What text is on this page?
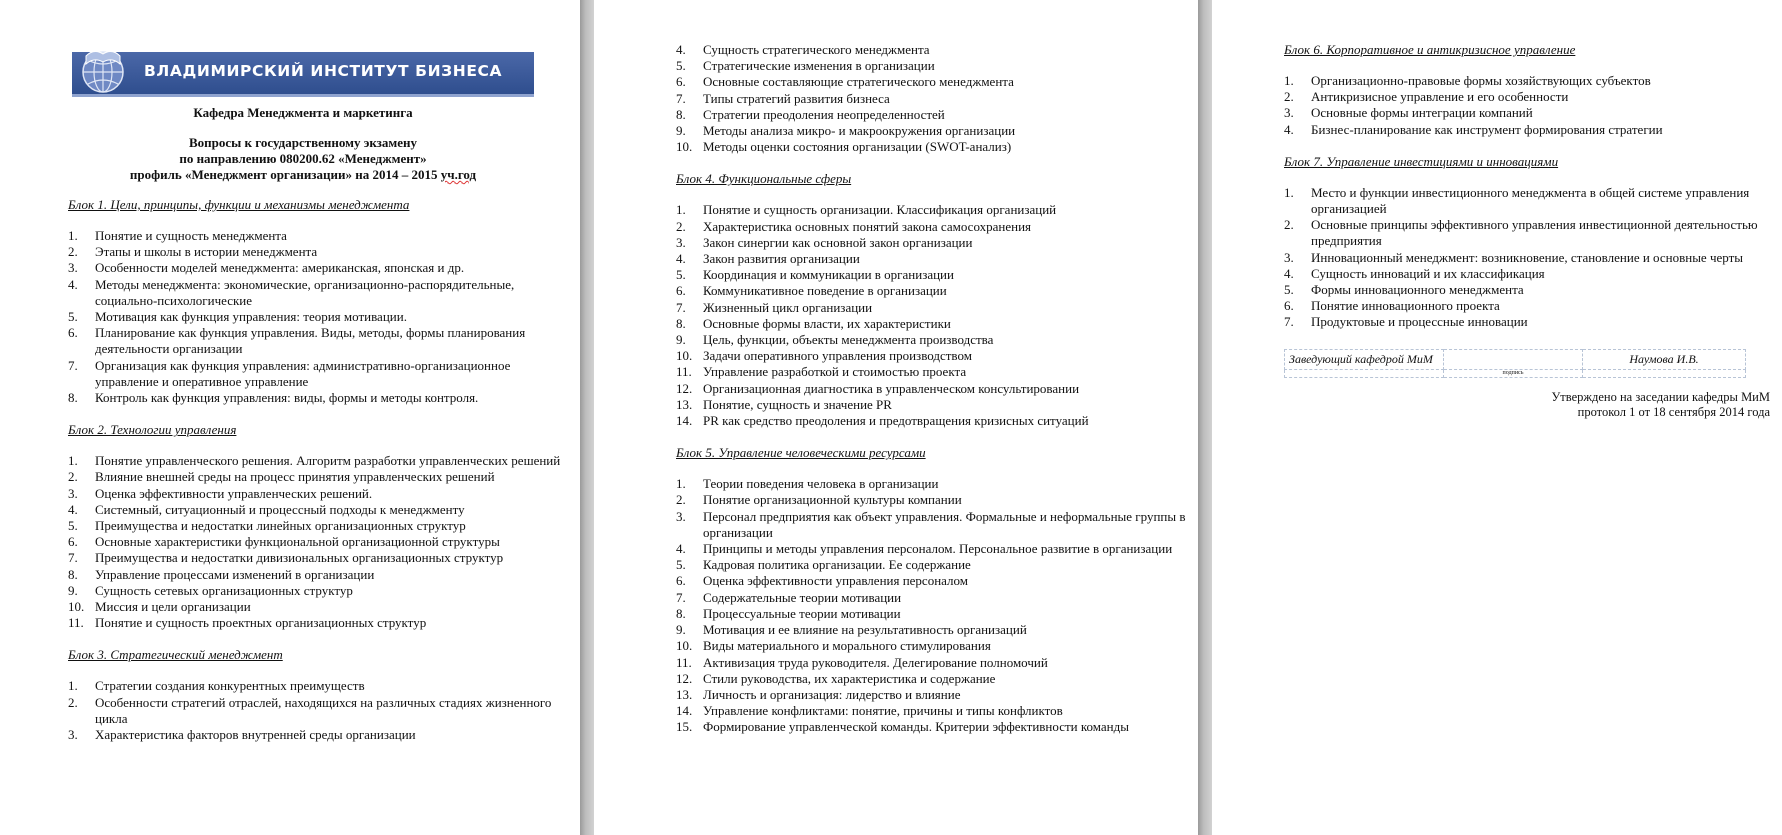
ВЛАДИМИРСКИЙ ИНСТИТУТ БИЗНЕСА
Кафедра Менеджмента и маркетинга
Вопросы к государственному экзамену
по направлению 080200.62 «Менеджмент»
профиль «Менеджмент организации» на 2014 – 2015 уч.год
Блок 1. Цели, принципы, функции и механизмы менеджмента
1. Понятие и сущность менеджмента
2. Этапы и школы в истории менеджмента
3. Особенности моделей менеджмента: американская, японская и др.
4. Методы менеджмента: экономические, организационно-распорядительные, социально-психологические
5. Мотивация как функция управления: теория мотивации.
6. Планирование как функция управления. Виды, методы, формы планирования деятельности организации
7. Организация как функция управления: административно-организационное управление и оперативное управление
8. Контроль как функция управления: виды, формы и методы контроля.
Блок 2. Технологии управления
1. Понятие управленческого решения. Алгоритм разработки управленческих решений
2. Влияние внешней среды на процесс принятия управленческих решений
3. Оценка эффективности управленческих решений.
4. Системный, ситуационный и процессный подходы к менеджменту
5. Преимущества и недостатки линейных организационных структур
6. Основные характеристики функциональной организационной структуры
7. Преимущества и недостатки дивизиональных организационных структур
8. Управление процессами изменений в организации
9. Сущность сетевых организационных структур
10. Миссия и цели организации
11. Понятие и сущность проектных организационных структур
Блок 3. Стратегический менеджмент
1. Стратегии создания конкурентных преимуществ
2. Особенности стратегий отраслей, находящихся на различных стадиях жизненного цикла
3. Характеристика факторов внутренней среды организации
4. Сущность стратегического менеджмента
5. Стратегические изменения в организации
6. Основные составляющие стратегического менеджмента
7. Типы стратегий развития бизнеса
8. Стратегии преодоления неопределенностей
9. Методы анализа микро- и макроокружения организации
10. Методы оценки состояния организации (SWOT-анализ)
Блок 4. Функциональные сферы
1. Понятие и сущность организации. Классификация организаций
2. Характеристика основных понятий закона самосохранения
3. Закон синергии как основной закон организации
4. Закон развития организации
5. Координация и коммуникации в организации
6. Коммуникативное поведение в организации
7. Жизненный цикл организации
8. Основные формы власти, их характеристики
9. Цель, функции, объекты менеджмента производства
10. Задачи оперативного управления производством
11. Управление разработкой и стоимостью проекта
12. Организационная диагностика в управленческом консультировании
13. Понятие, сущность и значение PR
14. PR как средство преодоления и предотвращения кризисных ситуаций
Блок 5. Управление человеческими ресурсами
1. Теории поведения человека в организации
2. Понятие организационной культуры компании
3. Персонал предприятия как объект управления. Формальные и неформальные группы в организации
4. Принципы и методы управления персоналом. Персональное развитие в организации
5. Кадровая политика организации. Ее содержание
6. Оценка эффективности управления персоналом
7. Содержательные теории мотивации
8. Процессуальные теории мотивации
9. Мотивация и ее влияние на результативность организаций
10. Виды материального и морального стимулирования
11. Активизация труда руководителя. Делегирование полномочий
12. Стили руководства, их характеристика и содержание
13. Личность и организация: лидерство и влияние
14. Управление конфликтами: понятие, причины и типы конфликтов
15. Формирование управленческой команды. Критерии эффективности команды
Блок 6. Корпоративное и антикризисное управление
1. Организационно-правовые формы хозяйствующих субъектов
2. Антикризисное управление и его особенности
3. Основные формы интеграции компаний
4. Бизнес-планирование как инструмент формирования стратегии
Блок 7. Управление инвестициями и инновациями
1. Место и функции инвестиционного менеджмента в общей системе управления организацией
2. Основные принципы эффективного управления инвестиционной деятельностью предприятия
3. Инновационный менеджмент: возникновение, становление и основные черты
4. Сущность инноваций и их классификация
5. Формы инновационного менеджмента
6. Понятие инновационного проекта
7. Продуктовые и процессные инновации
Заведующий кафедрой МиМ		Наумова И.В.
	подпись	
Утверждено на заседании кафедры МиМ
протокол 1 от 18 сентября 2014 года
